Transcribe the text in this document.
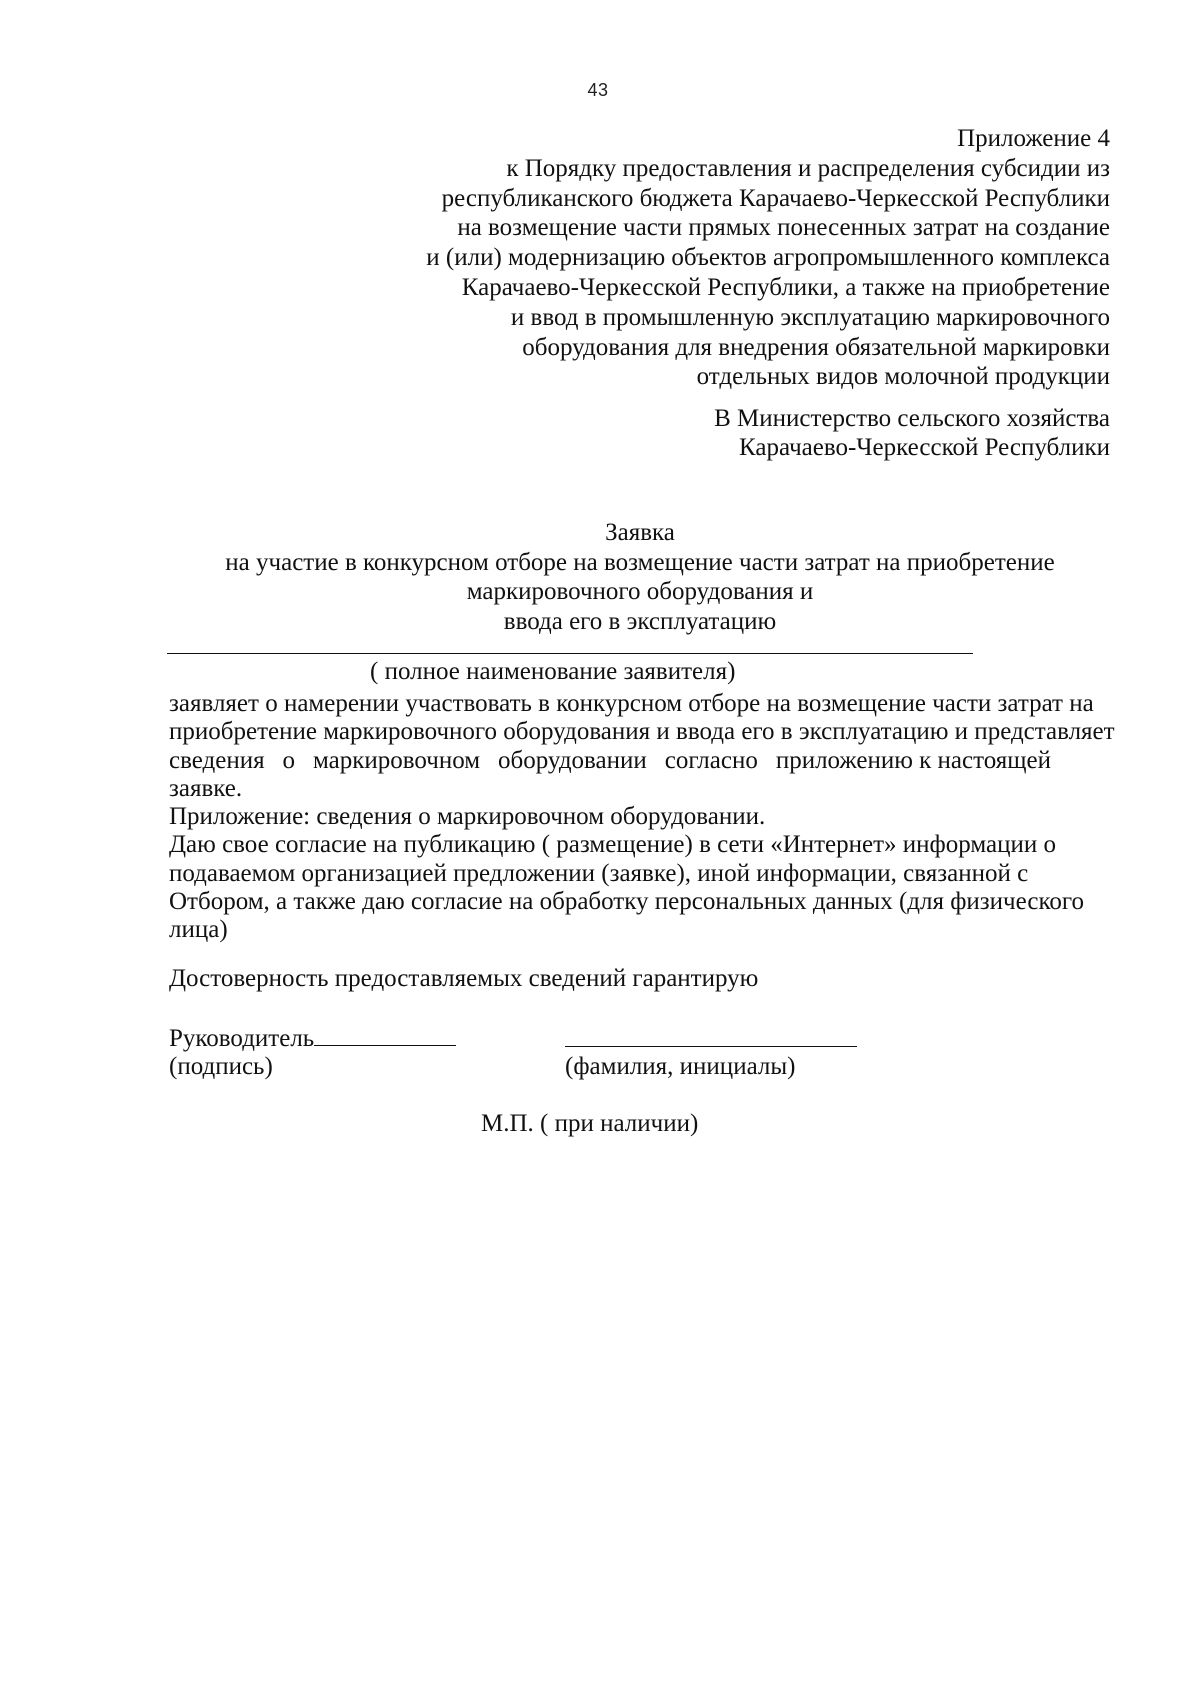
43
Приложение 4
к Порядку предоставления и распределения субсидии из
республиканского бюджета Карачаево-Черкесской Республики
на возмещение части прямых понесенных затрат на создание
и (или) модернизацию объектов агропромышленного комплекса
Карачаево-Черкесской Республики, а также на приобретение
и ввод в промышленную эксплуатацию маркировочного
оборудования для внедрения обязательной маркировки
отдельных видов молочной продукции
В Министерство сельского хозяйства
Карачаево-Черкесской Республики
Заявка
на участие в конкурсном отборе на возмещение части затрат на приобретение
маркировочного оборудования и
ввода его в эксплуатацию
( полное наименование заявителя)
заявляет о намерении участвовать в конкурсном отборе на возмещение части затрат на
приобретение маркировочного оборудования и ввода его в эксплуатацию и представляет
сведения о маркировочном оборудовании согласно приложению к настоящей
заявке.
Приложение: сведения о маркировочном оборудовании.
Даю свое согласие на публикацию ( размещение) в сети «Интернет» информации о
подаваемом организацией предложении (заявке), иной информации, связанной с
Отбором, а также даю согласие на обработку персональных данных (для физического
лица)
Достоверность предоставляемых сведений гарантирую
Руководитель
(подпись)	(фамилия, инициалы)
М.П. ( при наличии)
